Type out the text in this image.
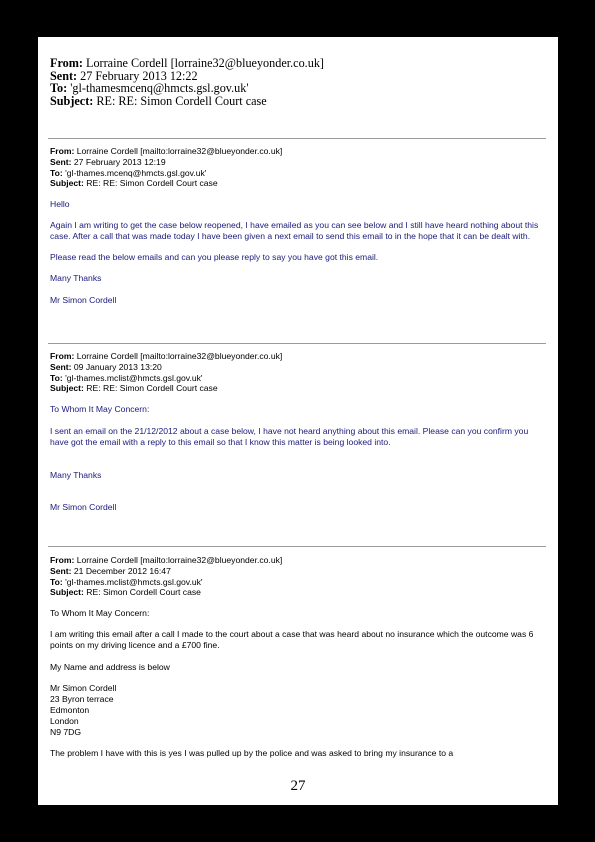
From: Lorraine Cordell [lorraine32@blueyonder.co.uk]
Sent: 27 February 2013 12:22
To: 'gl-thamesmcenq@hmcts.gsl.gov.uk'
Subject: RE: RE: Simon Cordell Court case
From: Lorraine Cordell [mailto:lorraine32@blueyonder.co.uk]
Sent: 27 February 2013 12:19
To: 'gl-thames.mcenq@hmcts.gsl.gov.uk'
Subject: RE: RE: Simon Cordell Court case

Hello

Again I am writing to get the case below reopened, I have emailed as you can see below and I still have heard nothing about this case. After a call that was made today I have been given a next email to send this email to in the hope that it can be dealt with.

Please read the below emails and can you please reply to say you have got this email.

Many Thanks

Mr Simon Cordell

From: Lorraine Cordell [mailto:lorraine32@blueyonder.co.uk]
Sent: 09 January 2013 13:20
To: 'gl-thames.mclist@hmcts.gsl.gov.uk'
Subject: RE: RE: Simon Cordell Court case

To Whom It May Concern:

I sent an email on the 21/12/2012 about a case below, I have not heard anything about this email. Please can you confirm you have got the email with a reply to this email so that I know this matter is being looked into.

Many Thanks

Mr Simon Cordell

From: Lorraine Cordell [mailto:lorraine32@blueyonder.co.uk]
Sent: 21 December 2012 16:47
To: 'gl-thames.mclist@hmcts.gsl.gov.uk'
Subject: RE: Simon Cordell Court case

To Whom It May Concern:

I am writing this email after a call I made to the court about a case that was heard about no insurance which the outcome was 6 points on my driving licence and a £700 fine.

My Name and address is below

Mr Simon Cordell
23 Byron terrace
Edmonton
London
N9 7DG

The problem I have with this is yes I was pulled up by the police and was asked to bring my insurance to a

27
